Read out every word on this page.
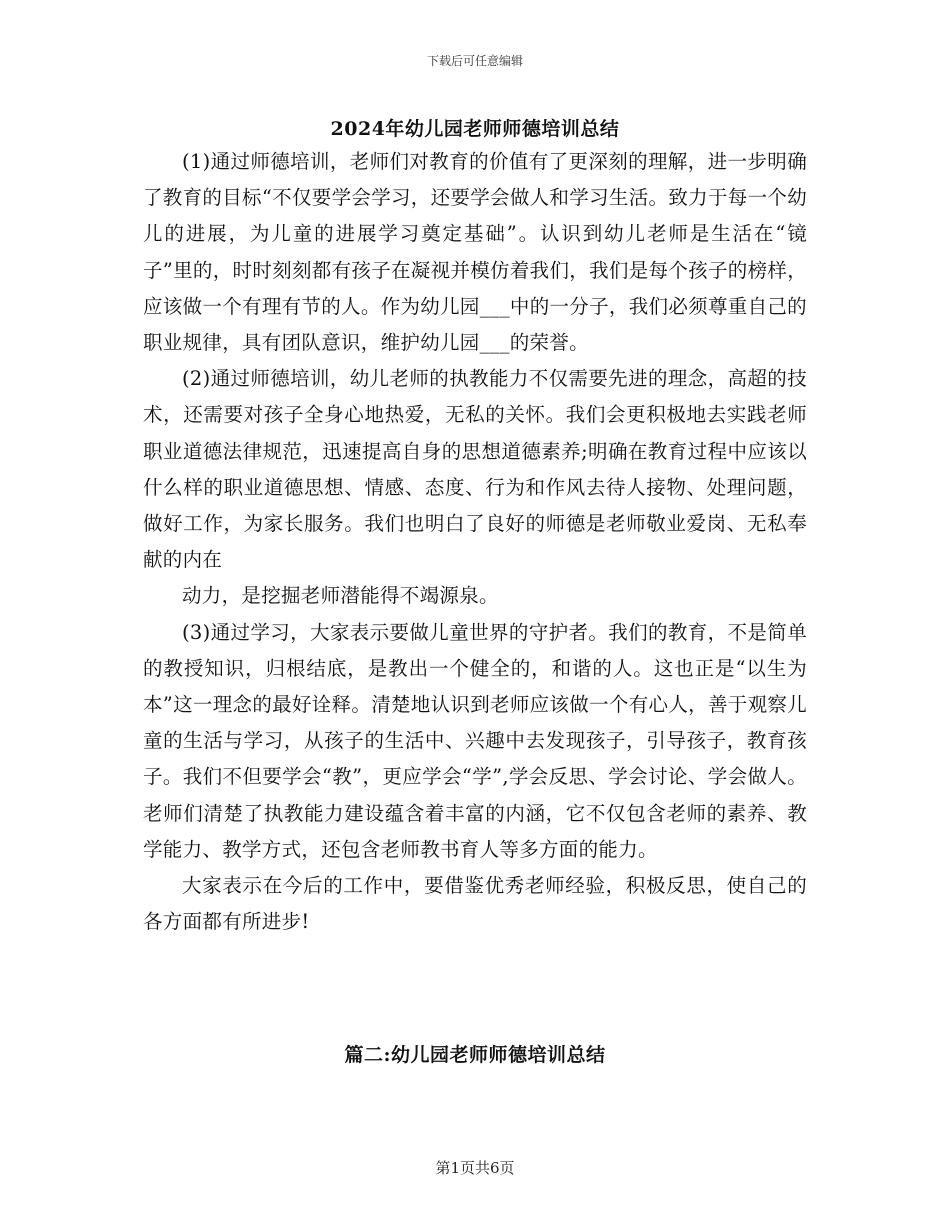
下载后可任意编辑
2024年幼儿园老师师德培训总结

(1)通过师德培训，老师们对教育的价值有了更深刻的理解，进一步明确了教育的目标“不仅要学会学习，还要学会做人和学习生活。致力于每一个幼儿的进展，为儿童的进展学习奠定基础”。认识到幼儿老师是生活在“镜子”里的，时时刻刻都有孩子在凝视并模仿着我们，我们是每个孩子的榜样，应该做一个有理有节的人。作为幼儿园___中的一分子，我们必须尊重自己的职业规律，具有团队意识，维护幼儿园___的荣誉。

(2)通过师德培训，幼儿老师的执教能力不仅需要先进的理念，高超的技术，还需要对孩子全身心地热爱，无私的关怀。我们会更积极地去实践老师职业道德法律规范，迅速提高自身的思想道德素养;明确在教育过程中应该以什么样的职业道德思想、情感、态度、行为和作风去待人接物、处理问题，做好工作，为家长服务。我们也明白了良好的师德是老师敬业爱岗、无私奉献的内在

动力，是挖掘老师潜能得不竭源泉。

(3)通过学习，大家表示要做儿童世界的守护者。我们的教育，不是简单的教授知识，归根结底，是教出一个健全的，和谐的人。这也正是“以生为本”这一理念的最好诠释。清楚地认识到老师应该做一个有心人，善于观察儿童的生活与学习，从孩子的生活中、兴趣中去发现孩子，引导孩子，教育孩子。我们不但要学会“教”，更应学会“学”,学会反思、学会讨论、学会做人。老师们清楚了执教能力建设蕴含着丰富的内涵，它不仅包含老师的素养、教学能力、教学方式，还包含老师教书育人等多方面的能力。

大家表示在今后的工作中，要借鉴优秀老师经验，积极反思，使自己的各方面都有所进步!

篇二:幼儿园老师师德培训总结
第1页共6页
